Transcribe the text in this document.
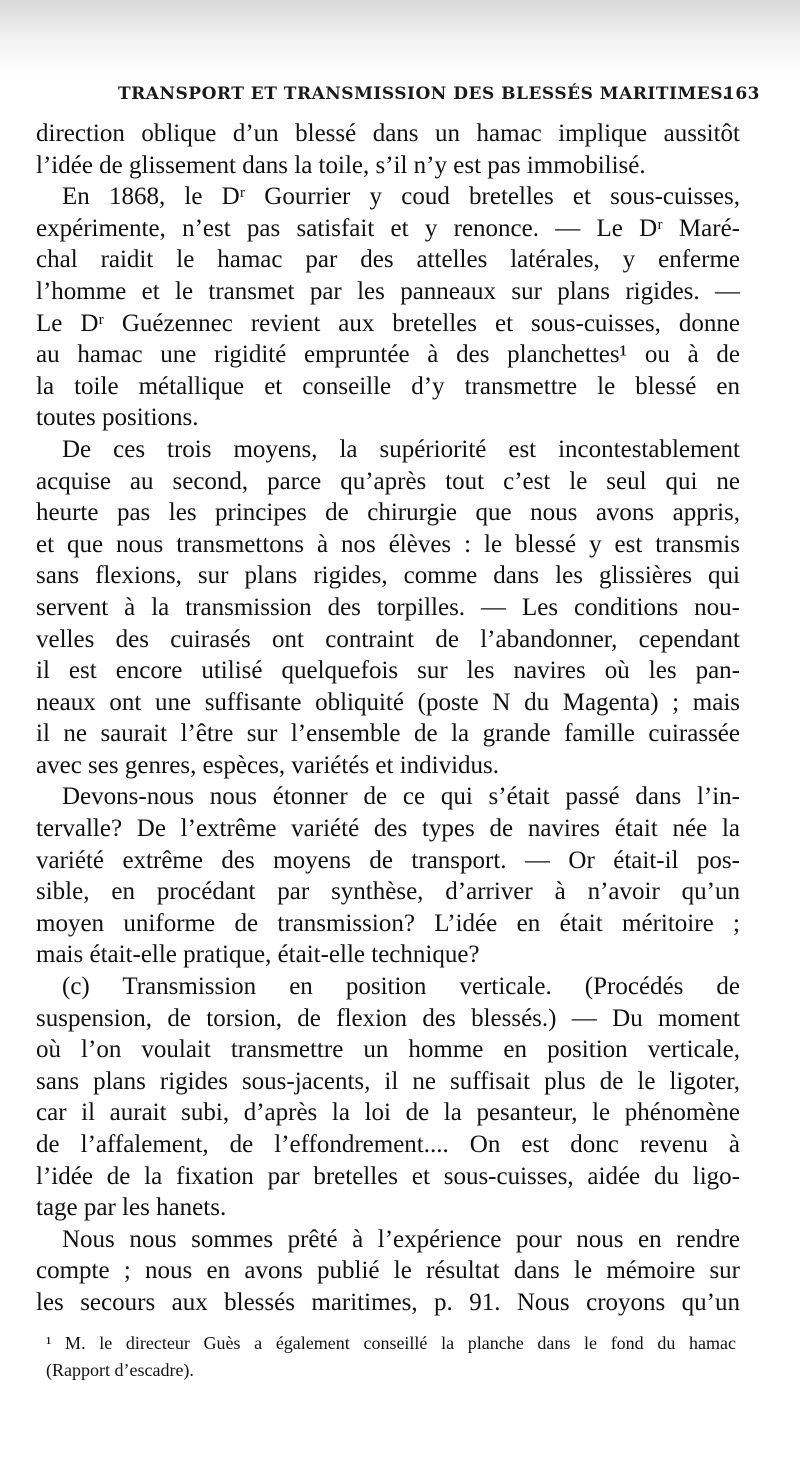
TRANSPORT ET TRANSMISSION DES BLESSÉS MARITIMES.
163
direction oblique d’un blessé dans un hamac implique aussitôt
l’idée de glissement dans la toile, s’il n’y est pas immobilisé.
En 1868, le Dʳ Gourrier y coud bretelles et sous-cuisses,
expérimente, n’est pas satisfait et y renonce. — Le Dʳ Maré-
chal raidit le hamac par des attelles latérales, y enferme
l’homme et le transmet par les panneaux sur plans rigides. —
Le Dʳ Guézennec revient aux bretelles et sous-cuisses, donne
au hamac une rigidité empruntée à des planchettes¹ ou à de
la toile métallique et conseille d’y transmettre le blessé en
toutes positions.
De ces trois moyens, la supériorité est incontestablement
acquise au second, parce qu’après tout c’est le seul qui ne
heurte pas les principes de chirurgie que nous avons appris,
et que nous transmettons à nos élèves : le blessé y est transmis
sans flexions, sur plans rigides, comme dans les glissières qui
servent à la transmission des torpilles. — Les conditions nou-
velles des cuirasés ont contraint de l’abandonner, cependant
il est encore utilisé quelquefois sur les navires où les pan-
neaux ont une suffisante obliquité (poste N du Magenta) ; mais
il ne saurait l’être sur l’ensemble de la grande famille cuirassée
avec ses genres, espèces, variétés et individus.
Devons-nous nous étonner de ce qui s’était passé dans l’in-
tervalle? De l’extrême variété des types de navires était née la
variété extrême des moyens de transport. — Or était-il pos-
sible, en procédant par synthèse, d’arriver à n’avoir qu’un
moyen uniforme de transmission? L’idée en était méritoire ;
mais était-elle pratique, était-elle technique?
(c) Transmission en position verticale. (Procédés de
suspension, de torsion, de flexion des blessés.) — Du moment
où l’on voulait transmettre un homme en position verticale,
sans plans rigides sous-jacents, il ne suffisait plus de le ligoter,
car il aurait subi, d’après la loi de la pesanteur, le phénomène
de l’affalement, de l’effondrement.... On est donc revenu à
l’idée de la fixation par bretelles et sous-cuisses, aidée du ligo-
tage par les hanets.
Nous nous sommes prêté à l’expérience pour nous en rendre
compte ; nous en avons publié le résultat dans le mémoire sur
les secours aux blessés maritimes, p. 91. Nous croyons qu’un
¹ M. le directeur Guès a également conseillé la planche dans le fond du hamac
(Rapport d’escadre).
